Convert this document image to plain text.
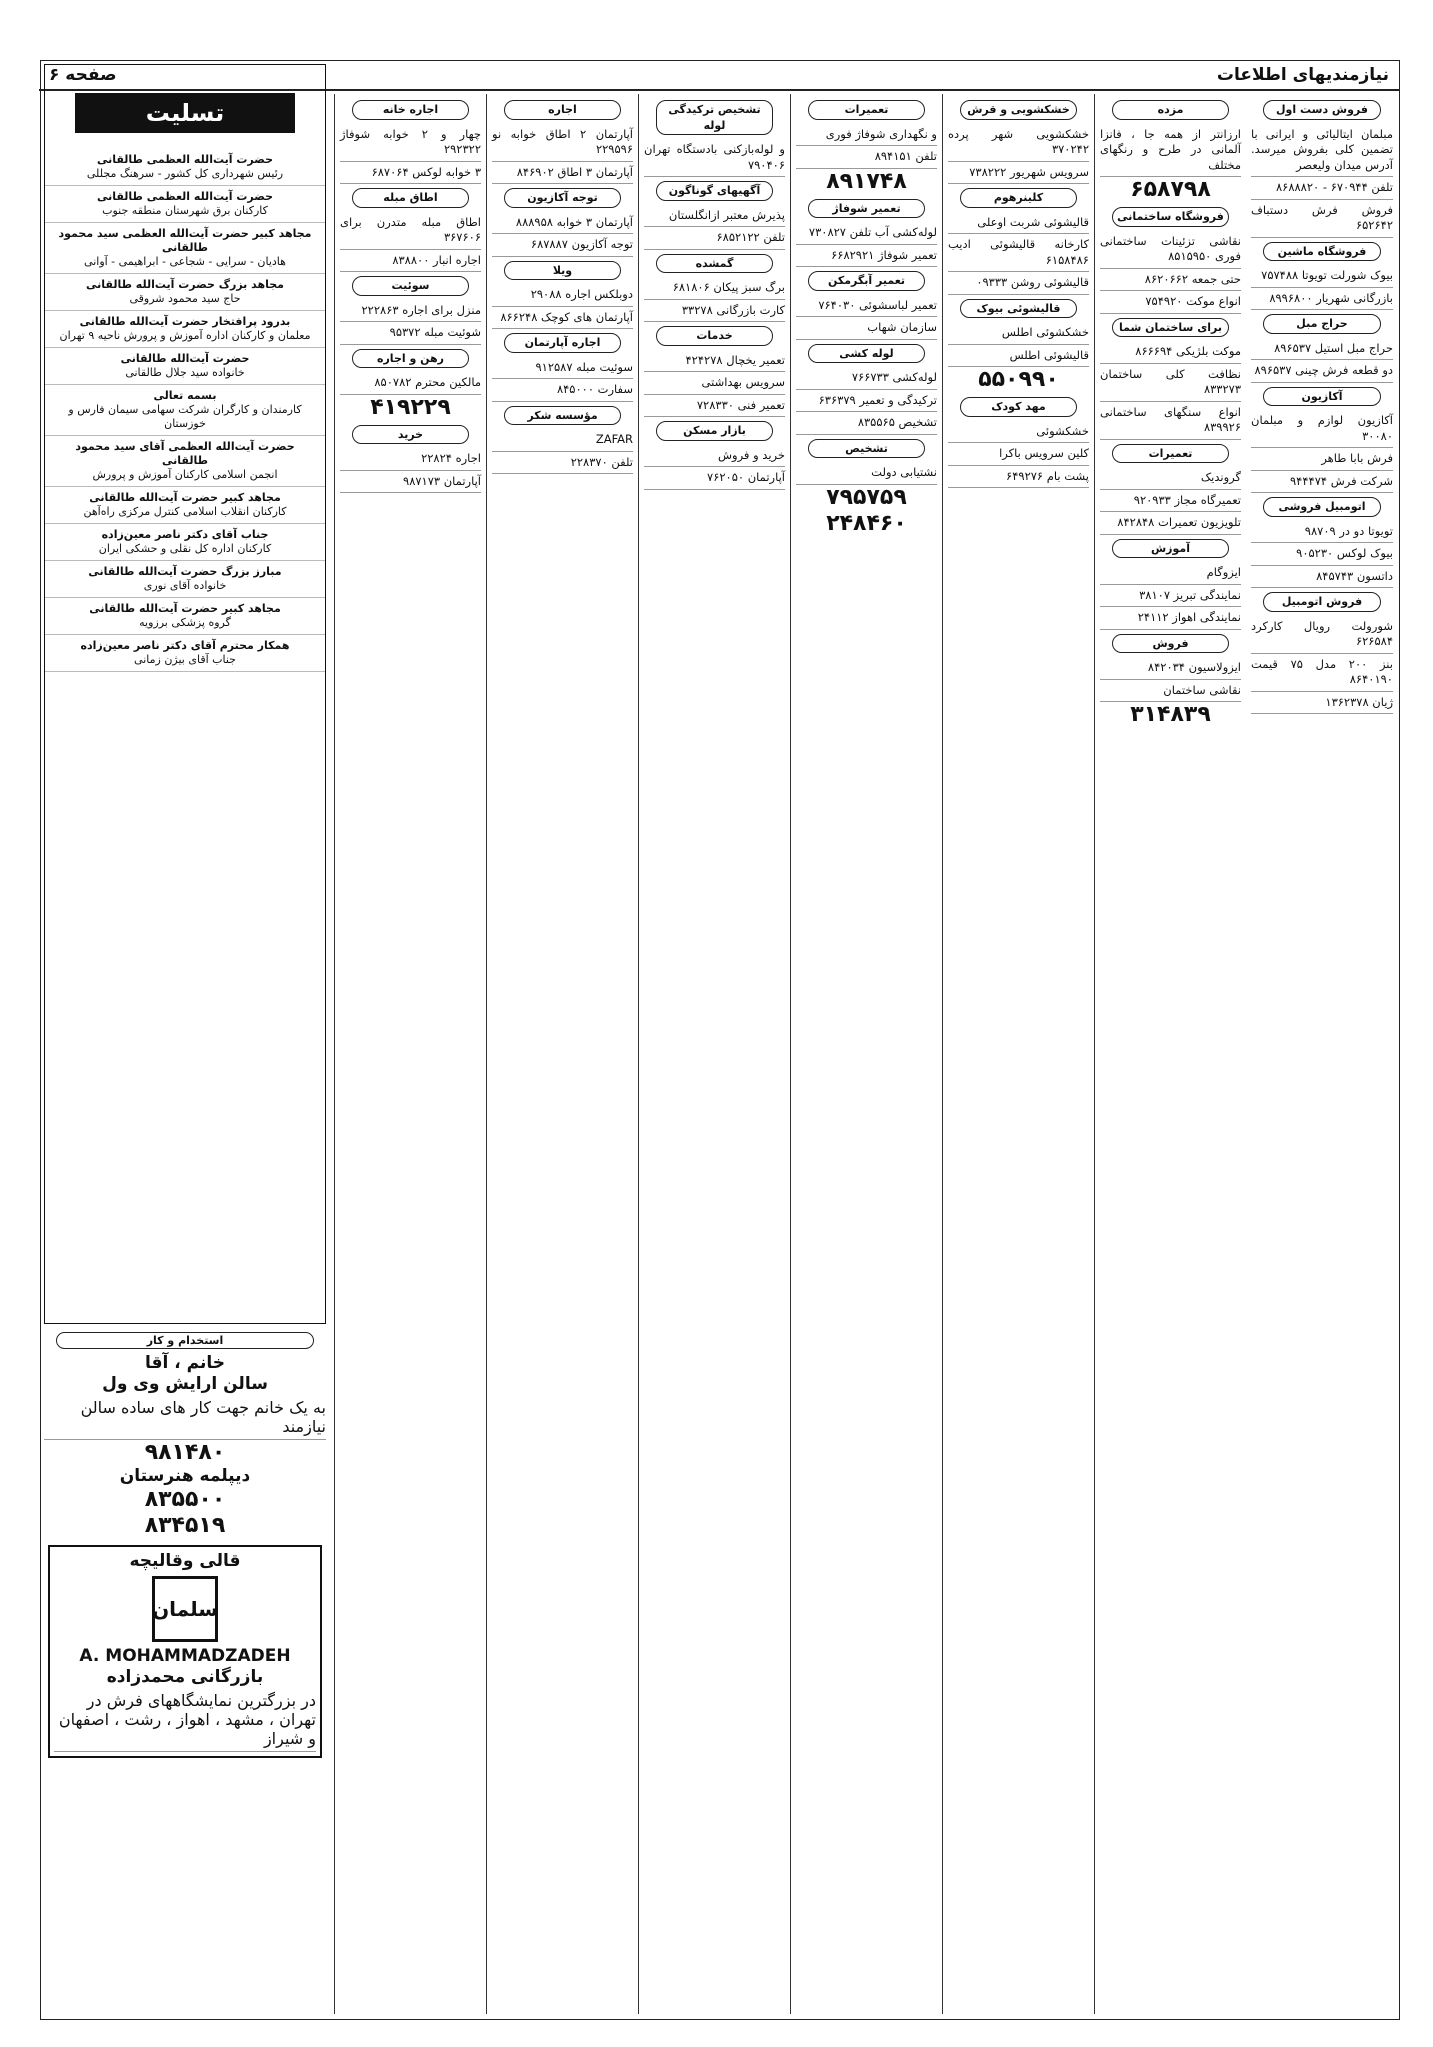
نیازمندیهای اطلاعات
صفحه ۶
فروش دست اول
مبلمان ایتالیائی و ایرانی با تضمین کلی بفروش میرسد. آدرس میدان ولیعصر
تلفن ۶۷۰۹۴۴ - ۸۶۸۸۸۲۰
فروش فرش دستباف ۶۵۲۶۴۲
فروشگاه ماشین
بیوک شورلت تویوتا ۷۵۷۴۸۸
بازرگانی شهریار ۸۹۹۶۸۰۰
حراج مبل
حراج مبل استیل ۸۹۶۵۳۷
دو قطعه فرش چینی ۸۹۶۵۳۷
آکازیون
آکازیون لوازم و مبلمان ۳۰۰۸۰
فرش بابا طاهر
شرکت فرش ۹۴۴۴۷۴
اتومبیل فروشی
تویوتا دو در ۹۸۷۰۹
بیوک لوکس ۹۰۵۲۳۰
داتسون ۸۴۵۷۴۳
فروش اتومبیل
شورولت رویال کارکرد ۶۲۶۵۸۴
بنز ۲۰۰ مدل ۷۵ قیمت ۸۶۴۰۱۹۰
ژیان ۱۳۶۲۳۷۸
مزده
ارزانتر از همه جا ، فانزا آلمانی در طرح و رنگهای مختلف
۶۵۸۷۹۸
فروشگاه ساختمانی
نقاشی تزئینات ساختمانی فوری ۸۵۱۵۹۵۰
حتی جمعه ۸۶۲۰۶۶۲
انواع موکت ۷۵۴۹۲۰
برای ساختمان شما
موکت بلژیکی ۸۶۶۶۹۴
نظافت کلی ساختمان ۸۳۳۲۷۳
انواع سنگهای ساختمانی ۸۳۹۹۲۶
تعمیرات
گروندیک
تعمیرگاه مجاز ۹۲۰۹۳۳
تلویزیون تعمیرات ۸۴۲۸۴۸
آموزش
ایزوگام
نمایندگی تبریز ۳۸۱۰۷
نمایندگی اهواز ۲۴۱۱۲
فروش
ایزولاسیون ۸۴۲۰۳۴
نقاشی ساختمان
۳۱۴۸۳۹
خشکشویی و قرش
خشکشویی شهر پرده ۳۷۰۲۴۲
سرویس شهریور ۷۳۸۲۲۲
کلینرهوم
قالیشوئی شربت اوعلی
کارخانه قالیشوئی ادیب ۶۱۵۸۴۸۶
قالیشوئی روشن ۰۹۳۳۳
قالیشوئی بیوک
خشکشوئی اطلس
قالیشوئی اطلس
۵۵۰۹۹۰
مهد کودک
خشکشوئی
کلین سرویس باکرا
پشت بام ۶۴۹۲۷۶
تعمیرات
و نگهداری شوفاژ فوری
تلفن ۸۹۴۱۵۱
۸۹۱۷۴۸
تعمیر شوفاژ
لوله‌کشی آب تلفن ۷۳۰۸۲۷
تعمیر شوفاژ ۶۶۸۲۹۲۱
تعمیر آبگرمکن
تعمیر لباسشوئی ۷۶۴۰۳۰
سازمان شهاب
لوله کشی
لوله‌کشی ۷۶۶۷۳۳
ترکیدگی و تعمیر ۶۳۶۳۷۹
تشخیص ۸۳۵۵۶۵
تشخیص
نشتیابی دولت
۷۹۵۷۵۹
۲۴۸۴۶۰
تشخیص ترکیدگی لوله
و لوله‌بازکنی بادستگاه تهران ۷۹۰۴۰۶
آگهیهای گوناگون
پذیرش معتبر ازانگلستان
تلفن ۶۸۵۲۱۲۲
گمشده
برگ سبز پیکان ۶۸۱۸۰۶
کارت بازرگانی ۳۳۲۷۸
خدمات
تعمیر یخچال ۴۲۴۲۷۸
سرویس بهداشتی
تعمیر فنی ۷۲۸۳۳۰
بازار مسکن
خرید و فروش
آپارتمان ۷۶۲۰۵۰
اجاره
آپارتمان ۲ اطاق خوابه نو ۲۲۹۵۹۶
آپارتمان ۳ اطاق ۸۴۶۹۰۲
توجه آکازیون
آپارتمان ۳ خوابه ۸۸۸۹۵۸
توجه آکازیون ۶۸۷۸۸۷
ویلا
دوبلکس اجاره ۲۹۰۸۸
آپارتمان های کوچک ۸۶۶۲۴۸
اجاره آپارتمان
سوئیت مبله ۹۱۲۵۸۷
سفارت ۸۴۵۰۰۰
مؤسسه شکر
ZAFAR
تلفن ۲۲۸۳۷۰
اجاره خانه
چهار و ۲ خوابه شوفاژ ۲۹۲۳۲۲
۳ خوابه لوکس ۶۸۷۰۶۴
اطاق مبله
اطاق مبله متدرن برای ۳۶۷۶۰۶
اجاره انبار ۸۳۸۸۰۰
سوئیت
منزل برای اجاره ۲۲۲۸۶۳
شوئیت مبله ۹۵۳۷۲
رهن و اجاره
مالکین محترم ۸۵۰۷۸۲
۴۱۹۲۲۹
خرید
اجاره ۲۲۸۲۴
آپارتمان ۹۸۷۱۷۳
تسلیت
حضرت آیت‌الله العظمی طالقانی
رئیس شهرداری کل کشور - سرهنگ مجللی
حضرت آیت‌الله العظمی طالقانی
کارکنان برق شهرستان منطقه جنوب
مجاهد کبیر حضرت آیت‌الله العظمی سید محمود طالقانی
هادیان - سرایی - شجاعی - ابراهیمی - آوانی
مجاهد بزرگ حضرت آیت‌الله طالقانی
حاج سید محمود شروقی
بدرود پرافتخار حضرت آیت‌الله طالقانی
معلمان و کارکنان اداره آموزش و پرورش ناحیه ۹ تهران
حضرت آیت‌الله طالقانی
خانواده سید جلال طالقانی
بسمه تعالی
کارمندان و کارگران شرکت سهامی سیمان فارس و خوزستان
حضرت آیت‌الله العظمی آقای سید محمود طالقانی
انجمن اسلامی کارکنان آموزش و پرورش
مجاهد کبیر حضرت آیت‌الله طالقانی
کارکنان انقلاب اسلامی کنترل مرکزی راه‌آهن
جناب آقای دکتر ناصر معین‌زاده
کارکنان اداره کل نقلی و حشکی ایران
مبارز بزرگ حضرت آیت‌الله طالقانی
خانواده آقای نوری
مجاهد کبیر حضرت آیت‌الله طالقانی
گروه پزشکی برزویه
همکار محترم آقای دکتر ناصر معین‌زاده
جناب آقای بیژن زمانی
استخدام و کار
خانم ، آقا
سالن ارایش وی ول
به یک خانم جهت کار های ساده سالن نیازمند
۹۸۱۴۸۰
دیپلمه هنرستان
۸۳۵۵۰۰
۸۳۴۵۱۹
قالی وقالیچه
سلمان
A. MOHAMMADZADEH
بازرگانی محمدزاده
در بزرگترین نمایشگاههای فرش در تهران ، مشهد ، اهواز ، رشت ، اصفهان و شیراز
